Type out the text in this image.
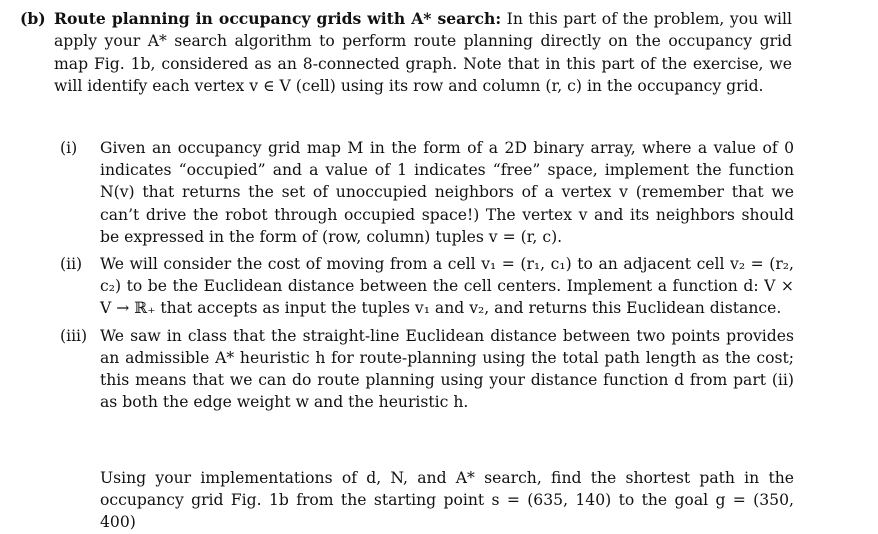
(b) Route planning in occupancy grids with A* search: In this part of the problem, you will apply your A* search algorithm to perform route planning directly on the occupancy grid map Fig. 1b, considered as an 8-connected graph. Note that in this part of the exercise, we will identify each vertex v ∈ V (cell) using its row and column (r, c) in the occupancy grid.
(i) Given an occupancy grid map M in the form of a 2D binary array, where a value of 0 indicates “occupied” and a value of 1 indicates “free” space, implement the function N(v) that returns the set of unoccupied neighbors of a vertex v (remember that we can’t drive the robot through occupied space!) The vertex v and its neighbors should be expressed in the form of (row, column) tuples v = (r, c).
(ii) We will consider the cost of moving from a cell v₁ = (r₁, c₁) to an adjacent cell v₂ = (r₂, c₂) to be the Euclidean distance between the cell centers. Implement a function d: V × V → ℝ₊ that accepts as input the tuples v₁ and v₂, and returns this Euclidean distance.
(iii) We saw in class that the straight-line Euclidean distance between two points provides an admissible A* heuristic h for route-planning using the total path length as the cost; this means that we can do route planning using your distance function d from part (ii) as both the edge weight w and the heuristic h.
Using your implementations of d, N, and A* search, find the shortest path in the occupancy grid Fig. 1b from the starting point s = (635, 140) to the goal g = (350, 400)
